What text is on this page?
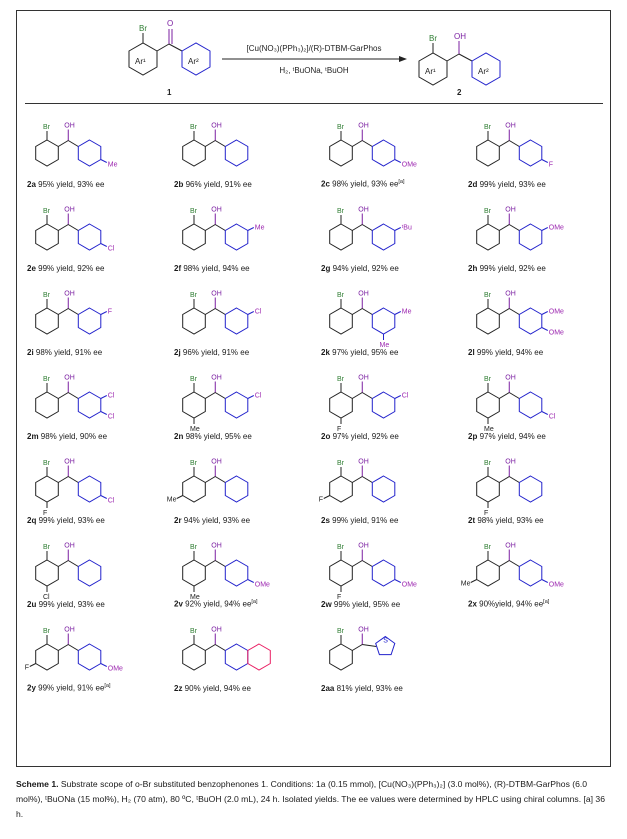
Br
O
Ar¹	Ar²
1
[Cu(NO₃)(PPh₃)₂]/(R)-DTBM-GarPhos
H₂, ᵗBuONa, ᵗBuOH
Br OH
Ar¹	Ar²
2
Br OH
Me
2a 95% yield, 93% ee
Br OH
2b 96% yield, 91% ee
Br OH
OMe
2c 98% yield, 93% ee[a]
Br OH
F
2d 99% yield, 93% ee
Br OH
Cl
2e 99% yield, 92% ee
Br OH
Me
2f 98% yield, 94% ee
Br OH
ᵗBu
2g 94% yield, 92% ee
Br OH
OMe
2h 99% yield, 92% ee
Br OH
F
2i 98% yield, 91% ee
Br OH
Cl
2j 96% yield, 91% ee
Br OH
Me
Me
2k 97% yield, 95% ee
Br OH
OMe
OMe
2l 99% yield, 94% ee
Br OH
Cl
Cl
2m 98% yield, 90% ee
Br OH
Me
Cl
2n 98% yield, 95% ee
Br OH
F
Cl
2o 97% yield, 92% ee
Br OH
Me
Cl
2p 97% yield, 94% ee
Br OH
F
Cl
2q 99% yield, 93% ee
Br OH
Me
2r 94% yield, 93% ee
Br OH
F
2s 99% yield, 91% ee
Br OH
F
2t 98% yield, 93% ee
Br OH
Cl
2u 99% yield, 93% ee
Br OH
Me
OMe
2v 92% yield, 94% ee[a]
Br OH
F
OMe
2w 99% yield, 95% ee
Br OH
Me	OMe
2x 90%yield, 94% ee[a]
Br OH
F	OMe
2y 99% yield, 91% ee[a]
Br OH
2z 90% yield, 94% ee
Br OH
S
2aa 81% yield, 93% ee
Scheme 1. Substrate scope of o-Br substituted benzophenones 1. Conditions: 1a (0.15 mmol), [Cu(NO₃)(PPh₃)₂] (3.0 mol%), (R)-DTBM-GarPhos (6.0 mol%), ᵗBuONa (15 mol%), H₂ (70 atm), 80 ºC, ᵗBuOH (2.0 mL), 24 h. Isolated yields. The ee values were determined by HPLC using chiral columns. [a] 36 h.
